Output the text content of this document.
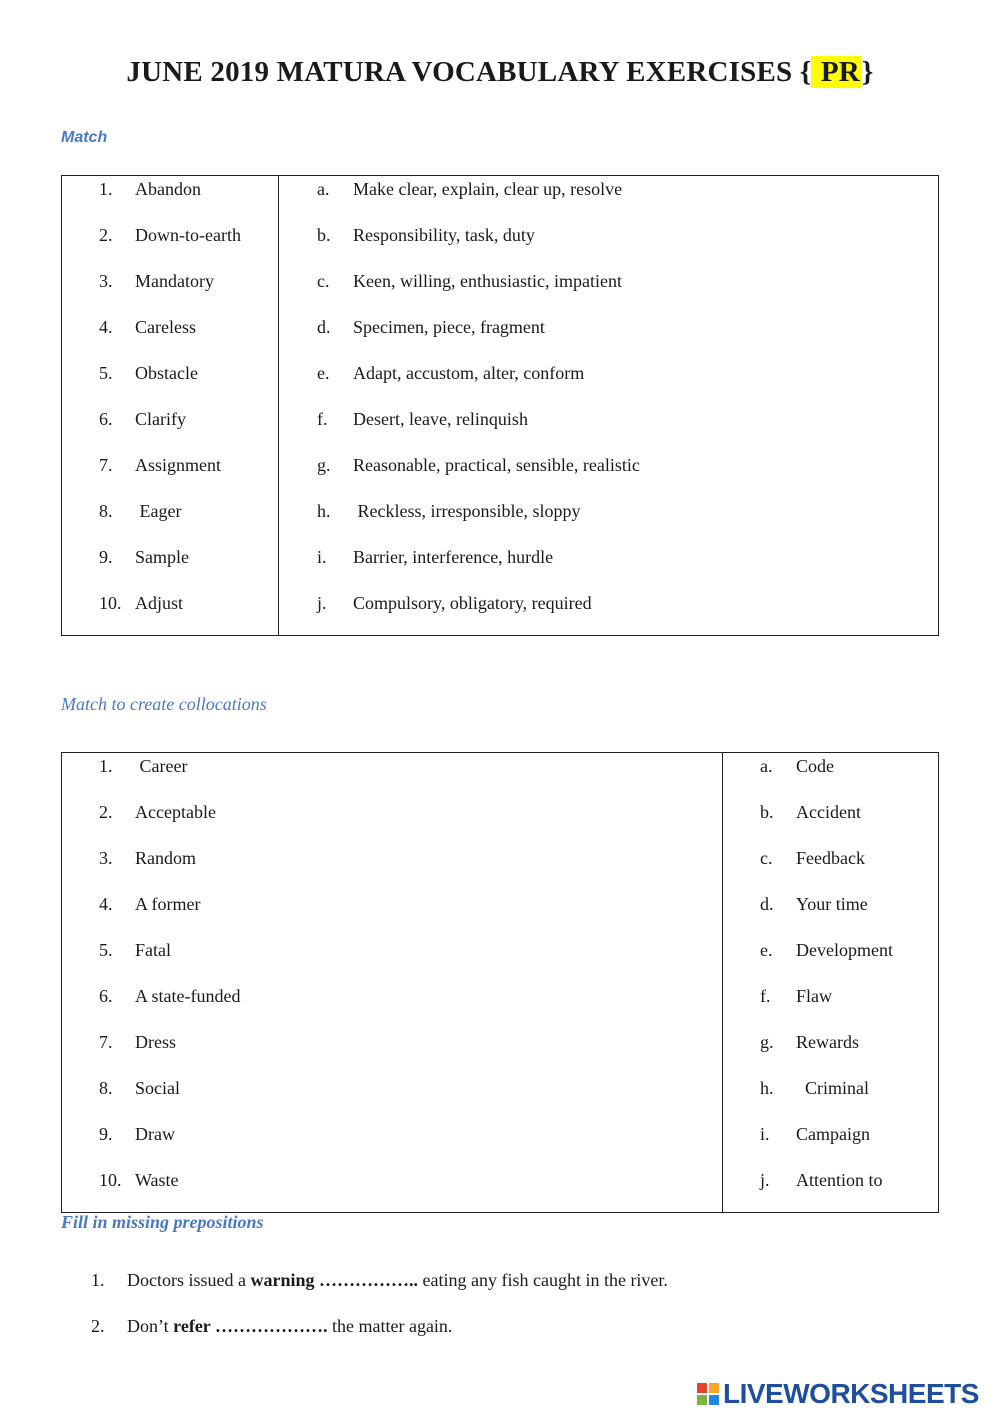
JUNE 2019 MATURA VOCABULARY EXERCISES { PR}
Match
1. Abandon
2. Down-to-earth
3. Mandatory
4. Careless
5. Obstacle
6. Clarify
7. Assignment
8. Eager
9. Sample
10. Adjust
a. Make clear, explain, clear up, resolve
b. Responsibility, task, duty
c. Keen, willing, enthusiastic, impatient
d. Specimen, piece, fragment
e. Adapt, accustom, alter, conform
f. Desert, leave, relinquish
g. Reasonable, practical, sensible, realistic
h. Reckless, irresponsible, sloppy
i. Barrier, interference, hurdle
j. Compulsory, obligatory, required
Match to create collocations
1. Career
2. Acceptable
3. Random
4. A former
5. Fatal
6. A state-funded
7. Dress
8. Social
9. Draw
10. Waste
a. Code
b. Accident
c. Feedback
d. Your time
e. Development
f. Flaw
g. Rewards
h.  Criminal
i. Campaign
j. Attention to
Fill in missing prepositions
1. Doctors issued a warning …………….. eating any fish caught in the river.
2. Don’t refer ………………. the matter again.
LIVEWORKSHEETS
